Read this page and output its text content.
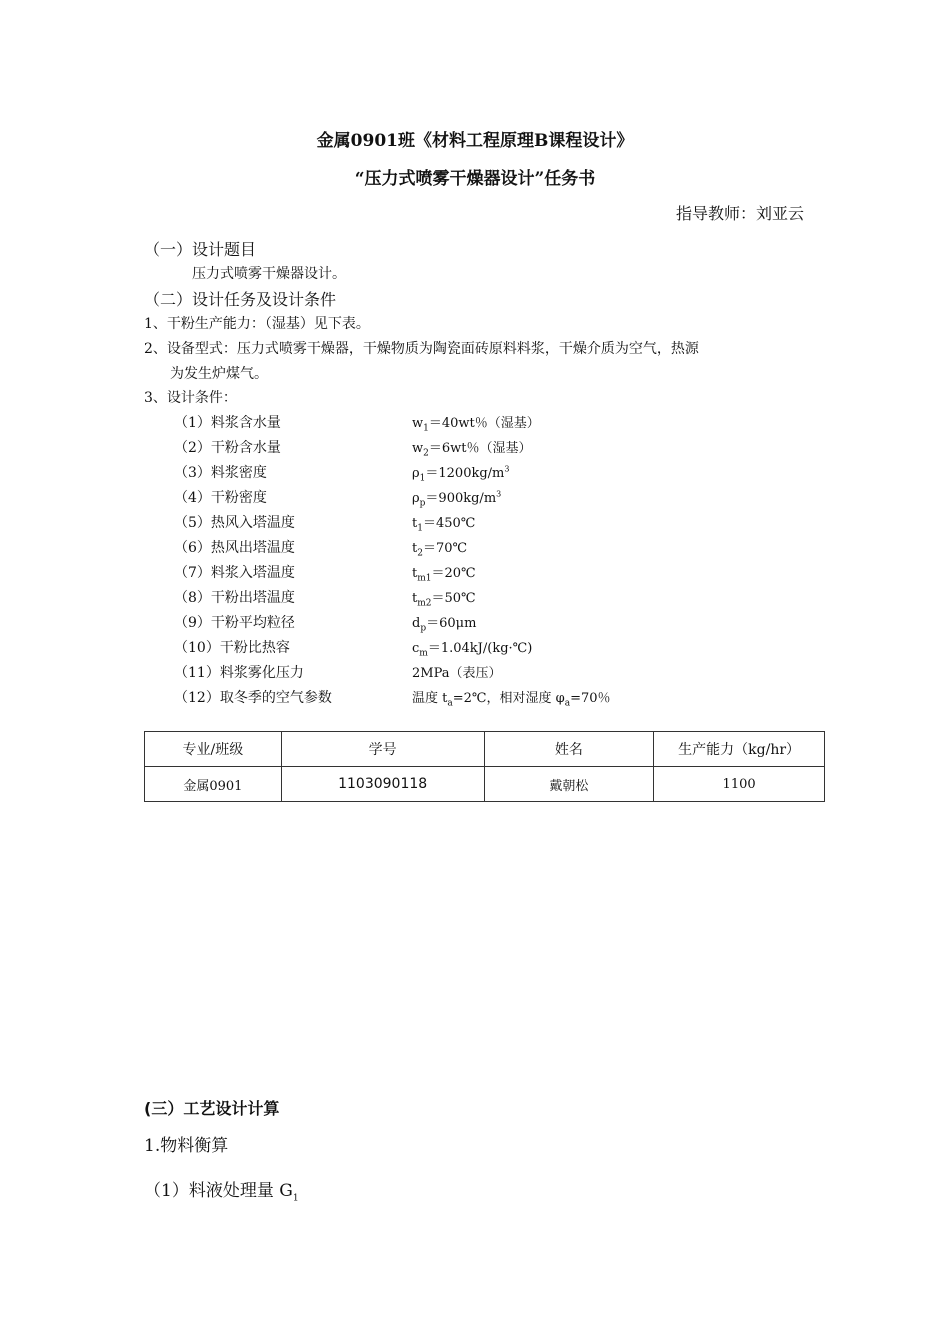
金属0901班《材料工程原理B课程设计》
“压力式喷雾干燥器设计”任务书
指导教师：刘亚云
（一）设计题目
压力式喷雾干燥器设计。
（二）设计任务及设计条件
1、干粉生产能力：（湿基）见下表。
2、设备型式：压力式喷雾干燥器，干燥物质为陶瓷面砖原料料浆，干燥介质为空气，热源
为发生炉煤气。
3、设计条件：
（1）料浆含水量	$w_1=40wt$％（湿基）
（2）干粉含水量	$w_2=6wt$％（湿基）
（3）料浆密度	$\rho_1=1200kg/m^3$
（4）干粉密度	$\rho_p=900kg/m^3$
（5）热风入塔温度	$t_1=450℃$
（6）热风出塔温度	$t_2=70℃$
（7）料浆入塔温度	$t_{m1}=20℃$
（8）干粉出塔温度	$t_{m2}=50℃$
（9）干粉平均粒径	$d_p=60\mu m$
（10）干粉比热容	$c_m=1.04kJ/(kg\cdot℃)$
（11）料浆雾化压力	2MPa（表压）
（12）取冬季的空气参数	温度 $t_a=2℃$，相对湿度 $\varphi_a=70$％
专业/班级	学号	姓名	生产能力（kg/hr）
金属0901	1103090118	戴朝松	1100
(三）工艺设计计算
1.物料衡算
（1）料液处理量 $G_1$
